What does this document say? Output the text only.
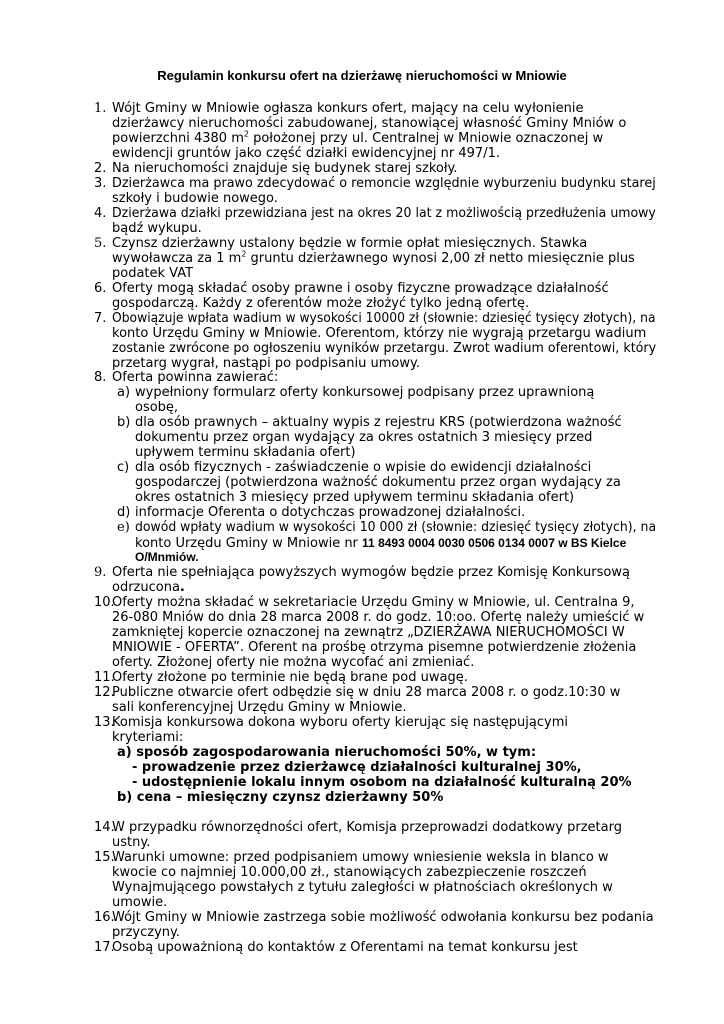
Regulamin konkursu ofert na dzierżawę nieruchomości w Mniowie
1. Wójt Gminy w Mniowie ogłasza konkurs ofert, mający na celu wyłonienie
dzierżawcy nieruchomości zabudowanej, stanowiącej własność Gminy Mniów o
powierzchni 4380 $m^2$ położonej przy ul. Centralnej w Mniowie oznaczonej w
ewidencji gruntów jako część działki ewidencyjnej nr 497/1.
2. Na nieruchomości znajduje się budynek starej szkoły.
3. Dzierżawca ma prawo zdecydować o remoncie względnie wyburzeniu budynku starej
szkoły i budowie nowego.
4. Dzierżawa działki przewidziana jest na okres 20 lat z możliwością przedłużenia umowy
bądź wykupu.
5. Czynsz dzierżawny ustalony będzie w formie opłat miesięcznych. Stawka
wywoławcza za 1 $m^2$ gruntu dzierżawnego wynosi 2,00 zł netto miesięcznie plus
podatek VAT
6. Oferty mogą składać osoby prawne i osoby fizyczne prowadzące działalność
gospodarczą. Każdy z oferentów może złożyć tylko jedną ofertę.
7. Obowiązuje wpłata wadium w wysokości 10000 zł (słownie: dziesięć tysięcy złotych), na
konto Urzędu Gminy w Mniowie. Oferentom, którzy nie wygrają przetargu wadium
zostanie zwrócone po ogłoszeniu wyników przetargu. Zwrot wadium oferentowi, który
przetarg wygrał, nastąpi po podpisaniu umowy.
8. Oferta powinna zawierać:
a) wypełniony formularz oferty konkursowej podpisany przez uprawnioną
osobę,
b) dla osób prawnych – aktualny wypis z rejestru KRS (potwierdzona ważność
dokumentu przez organ wydający za okres ostatnich 3 miesięcy przed
upływem terminu składania ofert)
c) dla osób fizycznych - zaświadczenie o wpisie do ewidencji działalności
gospodarczej (potwierdzona ważność dokumentu przez organ wydający za
okres ostatnich 3 miesięcy przed upływem terminu składania ofert)
d) informacje Oferenta o dotychczas prowadzonej działalności.
e) dowód wpłaty wadium w wysokości 10 000 zł (słownie: dziesięć tysięcy złotych), na
konto Urzędu Gminy w Mniowie nr 11 8493 0004 0030 0506 0134 0007 w BS Kielce
O/Mnmiów.
9. Oferta nie spełniająca powyższych wymogów będzie przez Komisję Konkursową
odrzucona.
10.
Oferty można składać w sekretariacie Urzędu Gminy w Mniowie, ul. Centralna 9,
26-080 Mniów do dnia 28 marca 2008 r. do godz. 10:oo. Ofertę należy umieścić w
zamkniętej kopercie oznaczonej na zewnątrz „DZIERŻAWA NIERUCHOMOŚCI W
MNIOWIE - OFERTA”. Oferent na prośbę otrzyma pisemne potwierdzenie złożenia
oferty. Złożonej oferty nie można wycofać ani zmieniać.
11.
Oferty złożone po terminie nie będą brane pod uwagę.
12.
Publiczne otwarcie ofert odbędzie się w dniu 28 marca 2008 r. o godz.10:30 w
sali konferencyjnej Urzędu Gminy w Mniowie.
13.
Komisja konkursowa dokona wyboru oferty kierując się następującymi
kryteriami:
a) sposób zagospodarowania nieruchomości 50%, w tym:
- prowadzenie przez dzierżawcę działalności kulturalnej 30%,
- udostępnienie lokalu innym osobom na działalność kulturalną 20%
b) cena – miesięczny czynsz dzierżawny 50%
14.
W przypadku równorzędności ofert, Komisja przeprowadzi dodatkowy przetarg
ustny.
15.
Warunki umowne: przed podpisaniem umowy wniesienie weksla in blanco w
kwocie co najmniej 10.000,00 zł., stanowiących zabezpieczenie roszczeń
Wynajmującego powstałych z tytułu zaległości w płatnościach określonych w
umowie.
16.
Wójt Gminy w Mniowie zastrzega sobie możliwość odwołania konkursu bez podania
przyczyny.
17.
Osobą upoważnioną do kontaktów z Oferentami na temat konkursu jest
